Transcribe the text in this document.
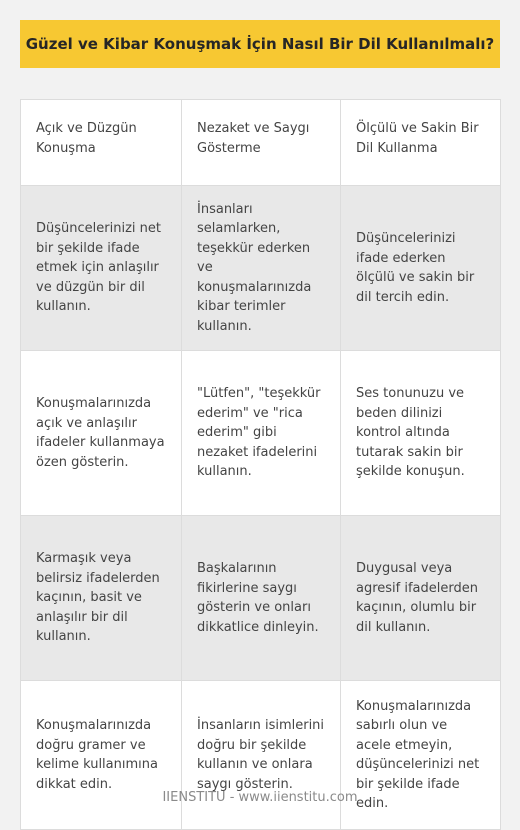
Güzel ve Kibar Konuşmak İçin Nasıl Bir Dil Kullanılmalı?
Açık ve Düzgün Konuşma	Nezaket ve Saygı Gösterme	Ölçülü ve Sakin Bir Dil Kullanma

Düşüncelerinizi net bir şekilde ifade etmek için anlaşılır ve düzgün bir dil kullanın.	İnsanları selamlarken, teşekkür ederken ve konuşmalarınızda kibar terimler kullanın.	Düşüncelerinizi ifade ederken ölçülü ve sakin bir dil tercih edin.

Konuşmalarınızda açık ve anlaşılır ifadeler kullanmaya özen gösterin.	"Lütfen", "teşekkür ederim" ve "rica ederim" gibi nezaket ifadelerini kullanın.	Ses tonunuzu ve beden dilinizi kontrol altında tutarak sakin bir şekilde konuşun.

Karmaşık veya belirsiz ifadelerden kaçının, basit ve anlaşılır bir dil kullanın.	Başkalarının fikirlerine saygı gösterin ve onları dikkatlice dinleyin.	Duygusal veya agresif ifadelerden kaçının, olumlu bir dil kullanın.

Konuşmalarınızda doğru gramer ve kelime kullanımına dikkat edin.	İnsanların isimlerini doğru bir şekilde kullanın ve onlara saygı gösterin.	Konuşmalarınızda sabırlı olun ve acele etmeyin, düşüncelerinizi net bir şekilde ifade edin.
IIENSTITU - www.iienstitu.com
